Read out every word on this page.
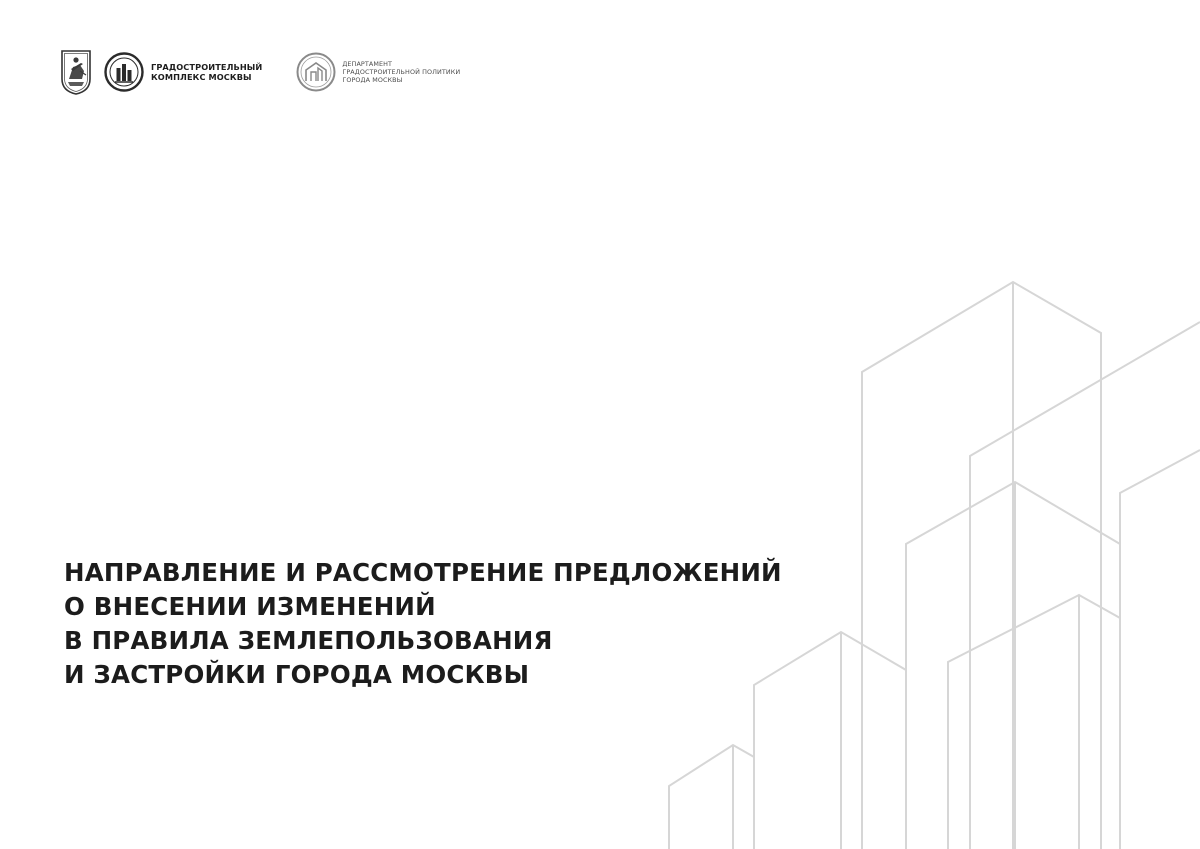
ГРАДОСТРОИТЕЛЬНЫЙ
КОМПЛЕКС МОСКВЫ
ДЕПАРТАМЕНТ
ГРАДОСТРОИТЕЛЬНОЙ ПОЛИТИКИ
ГОРОДА МОСКВЫ
НАПРАВЛЕНИЕ И РАССМОТРЕНИЕ ПРЕДЛОЖЕНИЙ
О ВНЕСЕНИИ ИЗМЕНЕНИЙ
В ПРАВИЛА ЗЕМЛЕПОЛЬЗОВАНИЯ
И ЗАСТРОЙКИ ГОРОДА МОСКВЫ
